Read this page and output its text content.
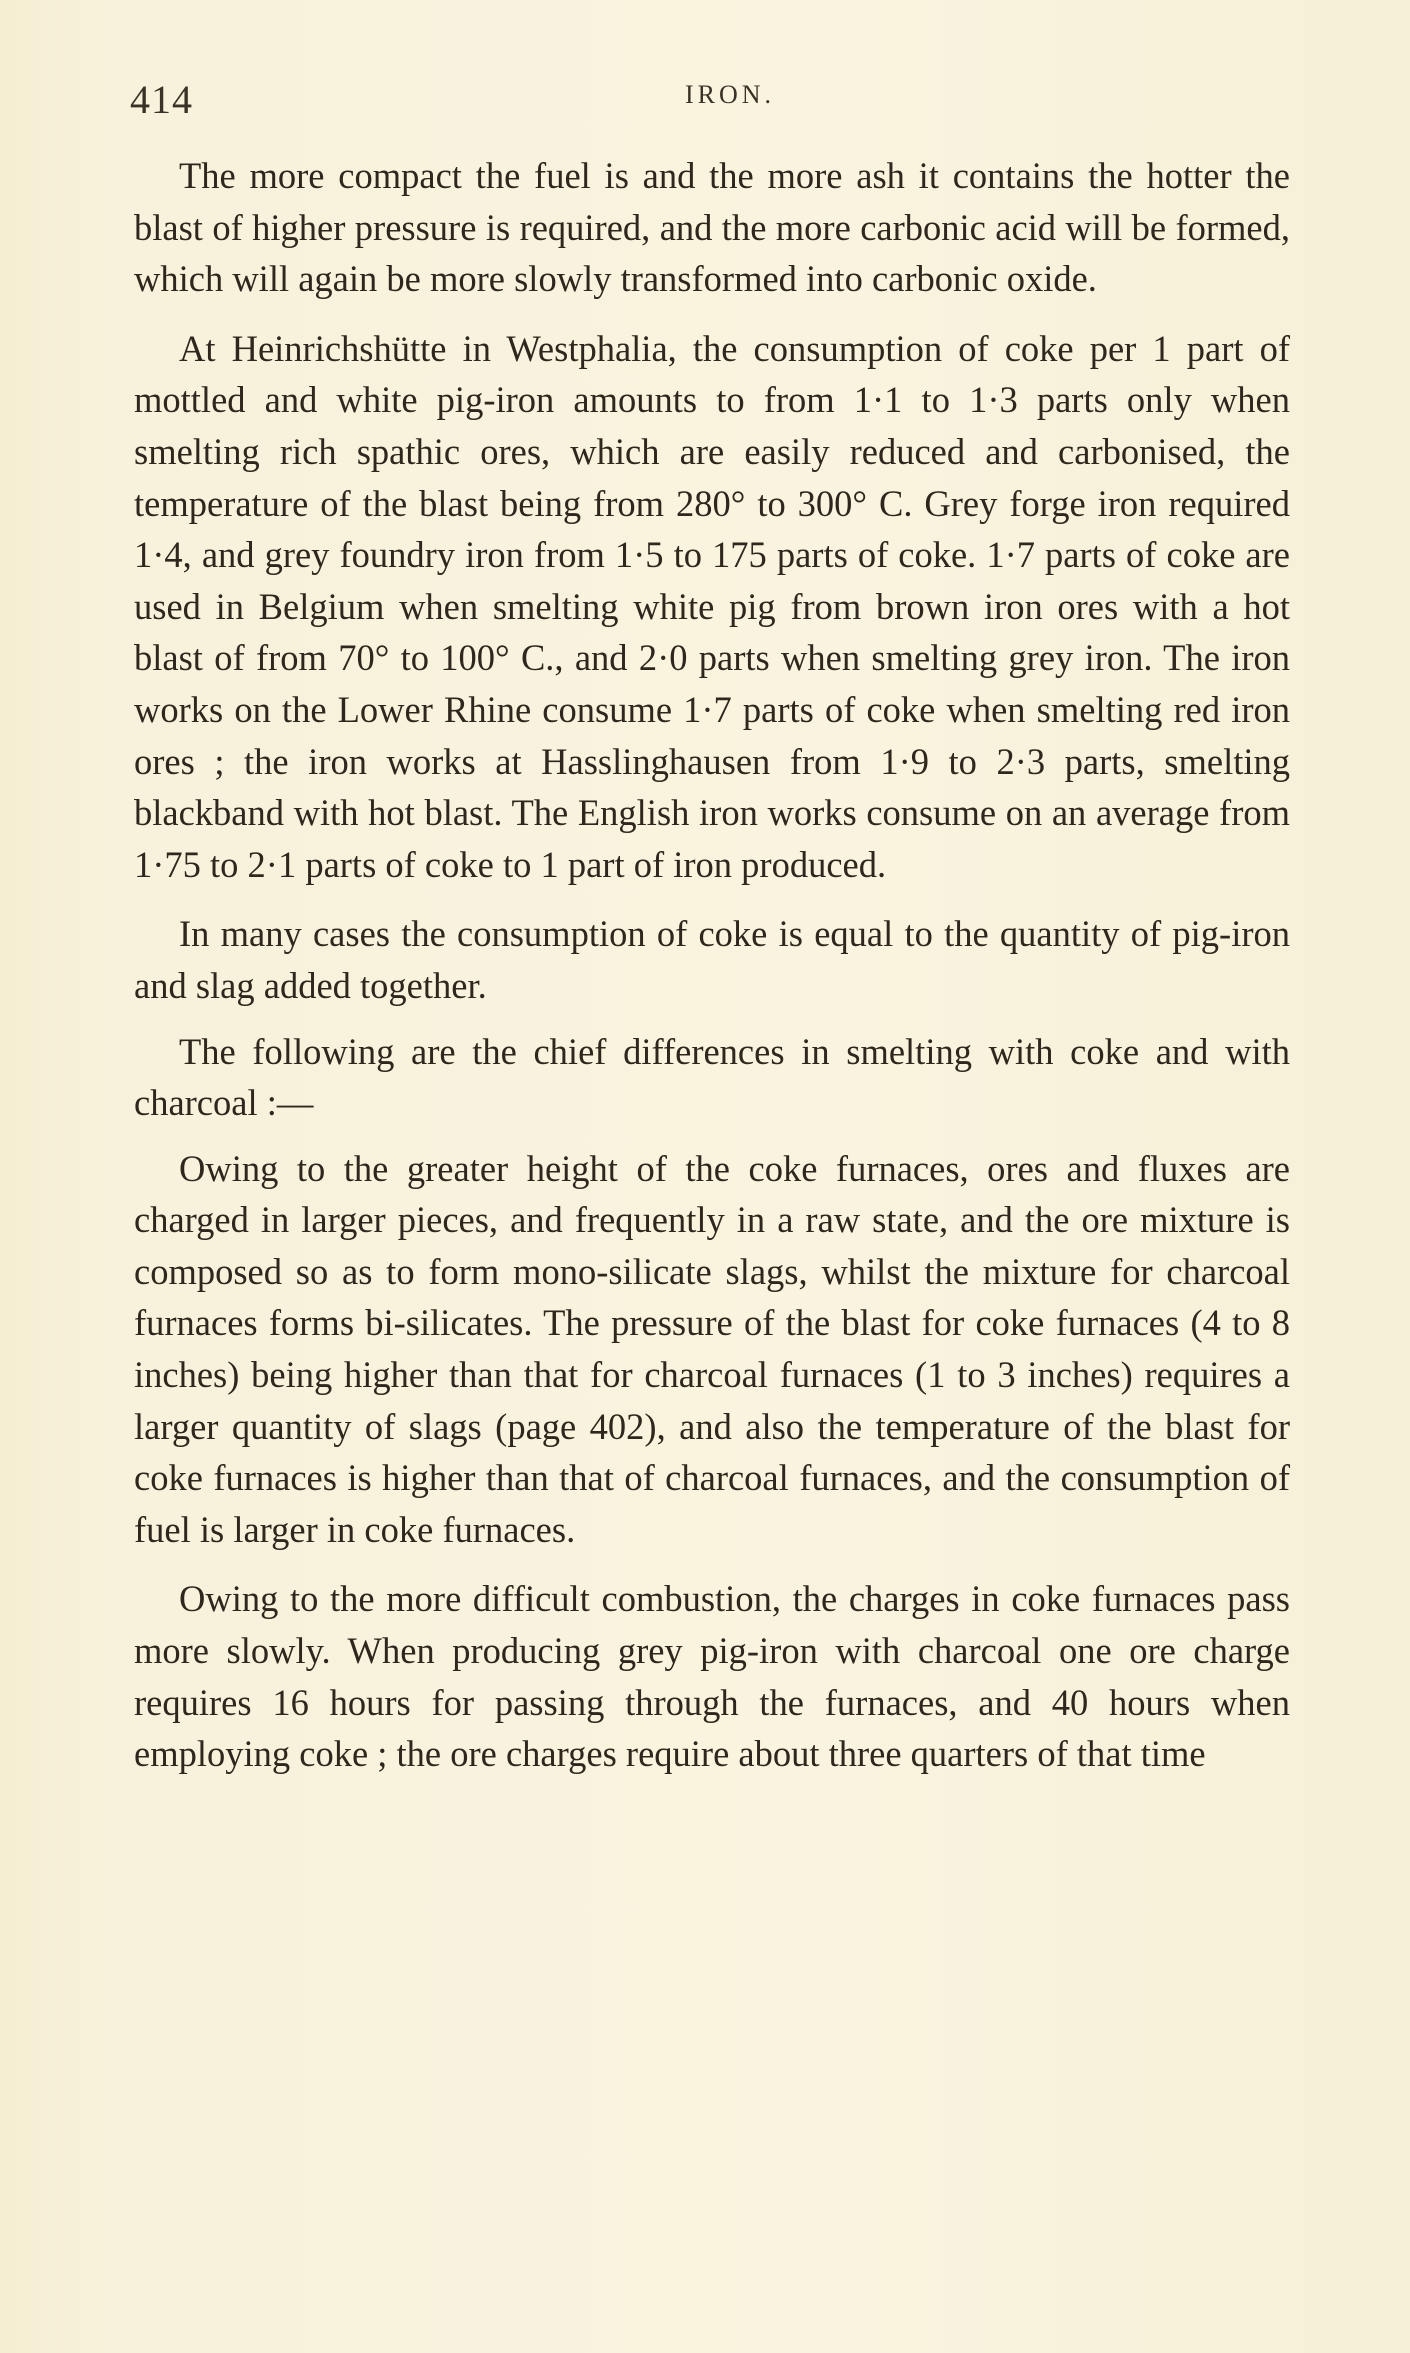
414	IRON.

The more compact the fuel is and the more ash it contains the hotter the blast of higher pressure is required, and the more carbonic acid will be formed, which will again be more slowly transformed into carbonic oxide.

At Heinrichshütte in Westphalia, the consumption of coke per 1 part of mottled and white pig-iron amounts to from 1·1 to 1·3 parts only when smelting rich spathic ores, which are easily reduced and carbonised, the temperature of the blast being from 280° to 300° C. Grey forge iron required 1·4, and grey foundry iron from 1·5 to 175 parts of coke. 1·7 parts of coke are used in Belgium when smelting white pig from brown iron ores with a hot blast of from 70° to 100° C., and 2·0 parts when smelting grey iron. The iron works on the Lower Rhine consume 1·7 parts of coke when smelting red iron ores ; the iron works at Hasslinghausen from 1·9 to 2·3 parts, smelting blackband with hot blast. The English iron works consume on an average from 1·75 to 2·1 parts of coke to 1 part of iron produced.

In many cases the consumption of coke is equal to the quantity of pig-iron and slag added together.

The following are the chief differences in smelting with coke and with charcoal :—

Owing to the greater height of the coke furnaces, ores and fluxes are charged in larger pieces, and frequently in a raw state, and the ore mixture is composed so as to form mono-silicate slags, whilst the mixture for charcoal furnaces forms bi-silicates. The pressure of the blast for coke furnaces (4 to 8 inches) being higher than that for charcoal furnaces (1 to 3 inches) requires a larger quantity of slags (page 402), and also the temperature of the blast for coke furnaces is higher than that of charcoal furnaces, and the consumption of fuel is larger in coke furnaces.

Owing to the more difficult combustion, the charges in coke furnaces pass more slowly. When producing grey pig-iron with charcoal one ore charge requires 16 hours for passing through the furnaces, and 40 hours when employing coke ; the ore charges require about three quarters of that time
